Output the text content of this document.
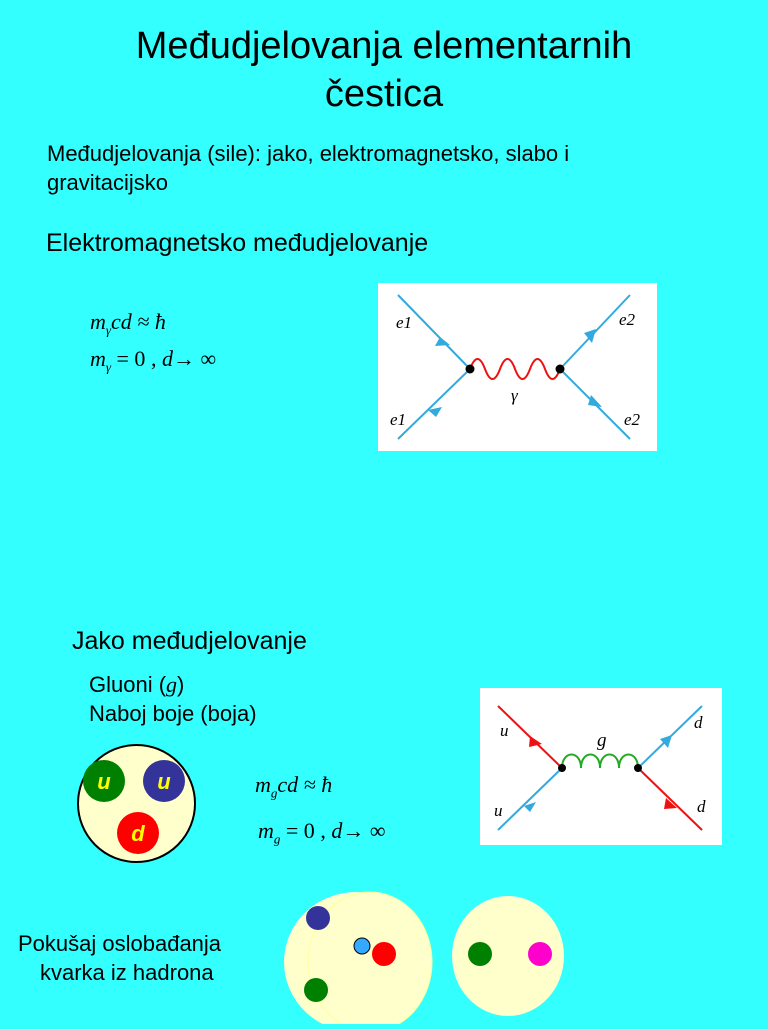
Međudjelovanja elementarnih
čestica
Međudjelovanja (sile): jako, elektromagnetsko, slabo i
gravitacijsko
Elektromagnetsko međudjelovanje
$m_\gamma cd$ ≈ ħ
$m_\gamma = 0$ , d→ ∞
e1
e1
e2
e2
γ
Jako međudjelovanje
Gluoni (g)
Naboj boje (boja)
u u
d
$m_gcd$ ≈ ħ
$m_g = 0$ , d→ ∞
u
u
d
d
g
Pokušaj oslobađanja
kvarka iz hadrona
